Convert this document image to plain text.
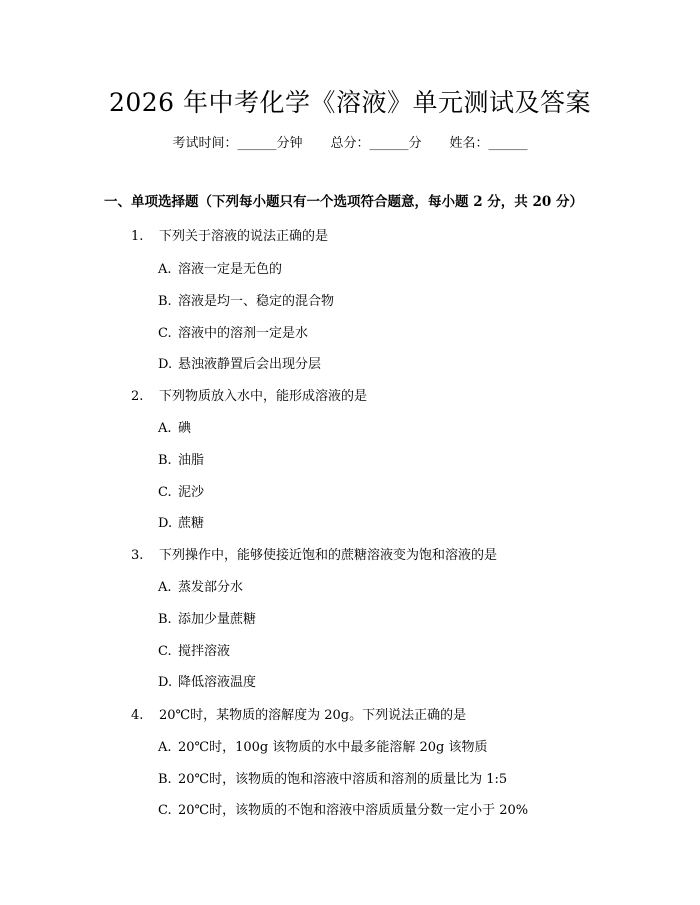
2026 年中考化学《溶液》单元测试及答案
考试时间：______分钟 总分：______分 姓名：______
一、单项选择题（下列每小题只有一个选项符合题意，每小题 2 分，共 20 分）
1. 下列关于溶液的说法正确的是
A. 溶液一定是无色的
B. 溶液是均一、稳定的混合物
C. 溶液中的溶剂一定是水
D. 悬浊液静置后会出现分层
2. 下列物质放入水中，能形成溶液的是
A. 碘
B. 油脂
C. 泥沙
D. 蔗糖
3. 下列操作中，能够使接近饱和的蔗糖溶液变为饱和溶液的是
A. 蒸发部分水
B. 添加少量蔗糖
C. 搅拌溶液
D. 降低溶液温度
4. 20℃时，某物质的溶解度为 20g。下列说法正确的是
A. 20℃时，100g 该物质的水中最多能溶解 20g 该物质
B. 20℃时，该物质的饱和溶液中溶质和溶剂的质量比为 1:5
C. 20℃时，该物质的不饱和溶液中溶质质量分数一定小于 20%
